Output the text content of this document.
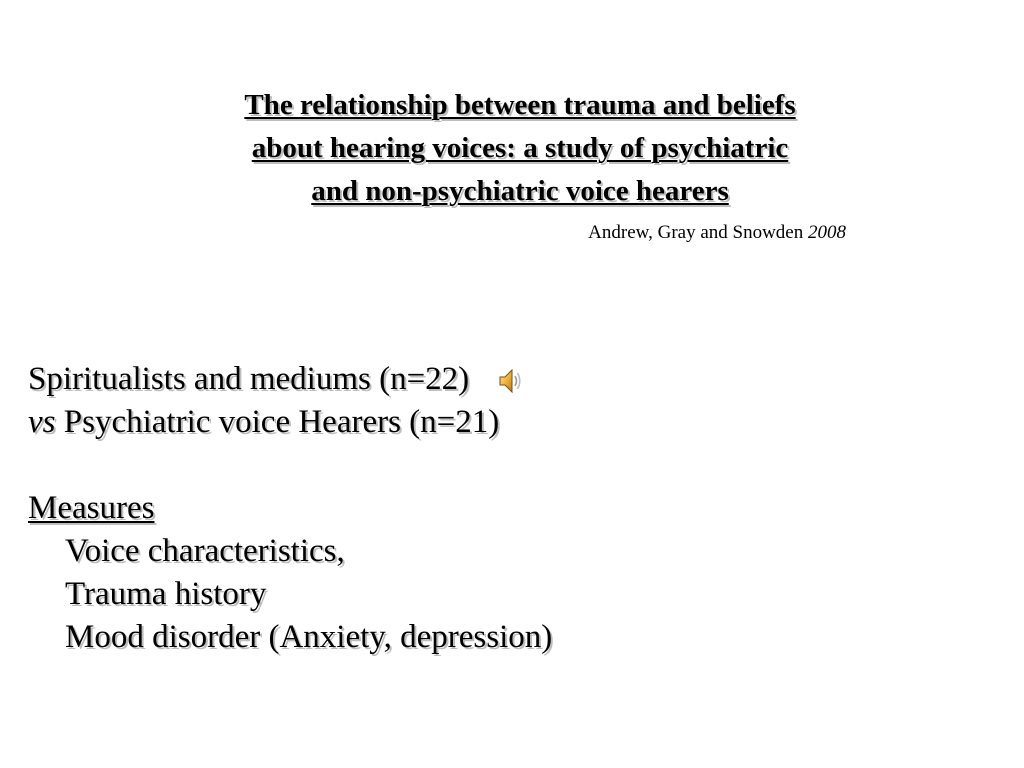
The relationship between trauma and beliefs
about hearing voices: a study of psychiatric
and non-psychiatric voice hearers
Andrew, Gray and Snowden 2008
Spiritualists and mediums (n=22)
vs Psychiatric voice Hearers (n=21)
Measures
Voice characteristics,
Trauma history
Mood disorder (Anxiety, depression)
